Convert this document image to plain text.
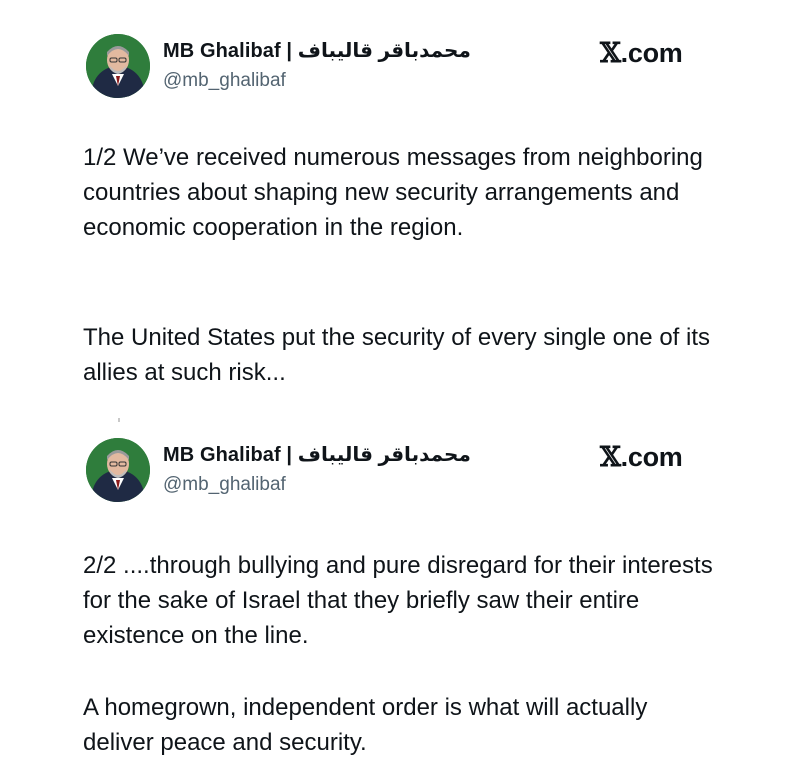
MB Ghalibaf | محمدباقر قالیباف
@mb_ghalibaf
𝕏.com

1/2 We’ve received numerous messages from neighboring countries about shaping new security arrangements and economic cooperation in the region.

The United States put the security of every single one of its allies at such risk...

MB Ghalibaf | محمدباقر قالیباف
@mb_ghalibaf
𝕏.com

2/2 ....through bullying and pure disregard for their interests for the sake of Israel that they briefly saw their entire existence on the line.

A homegrown, independent order is what will actually deliver peace and security.
